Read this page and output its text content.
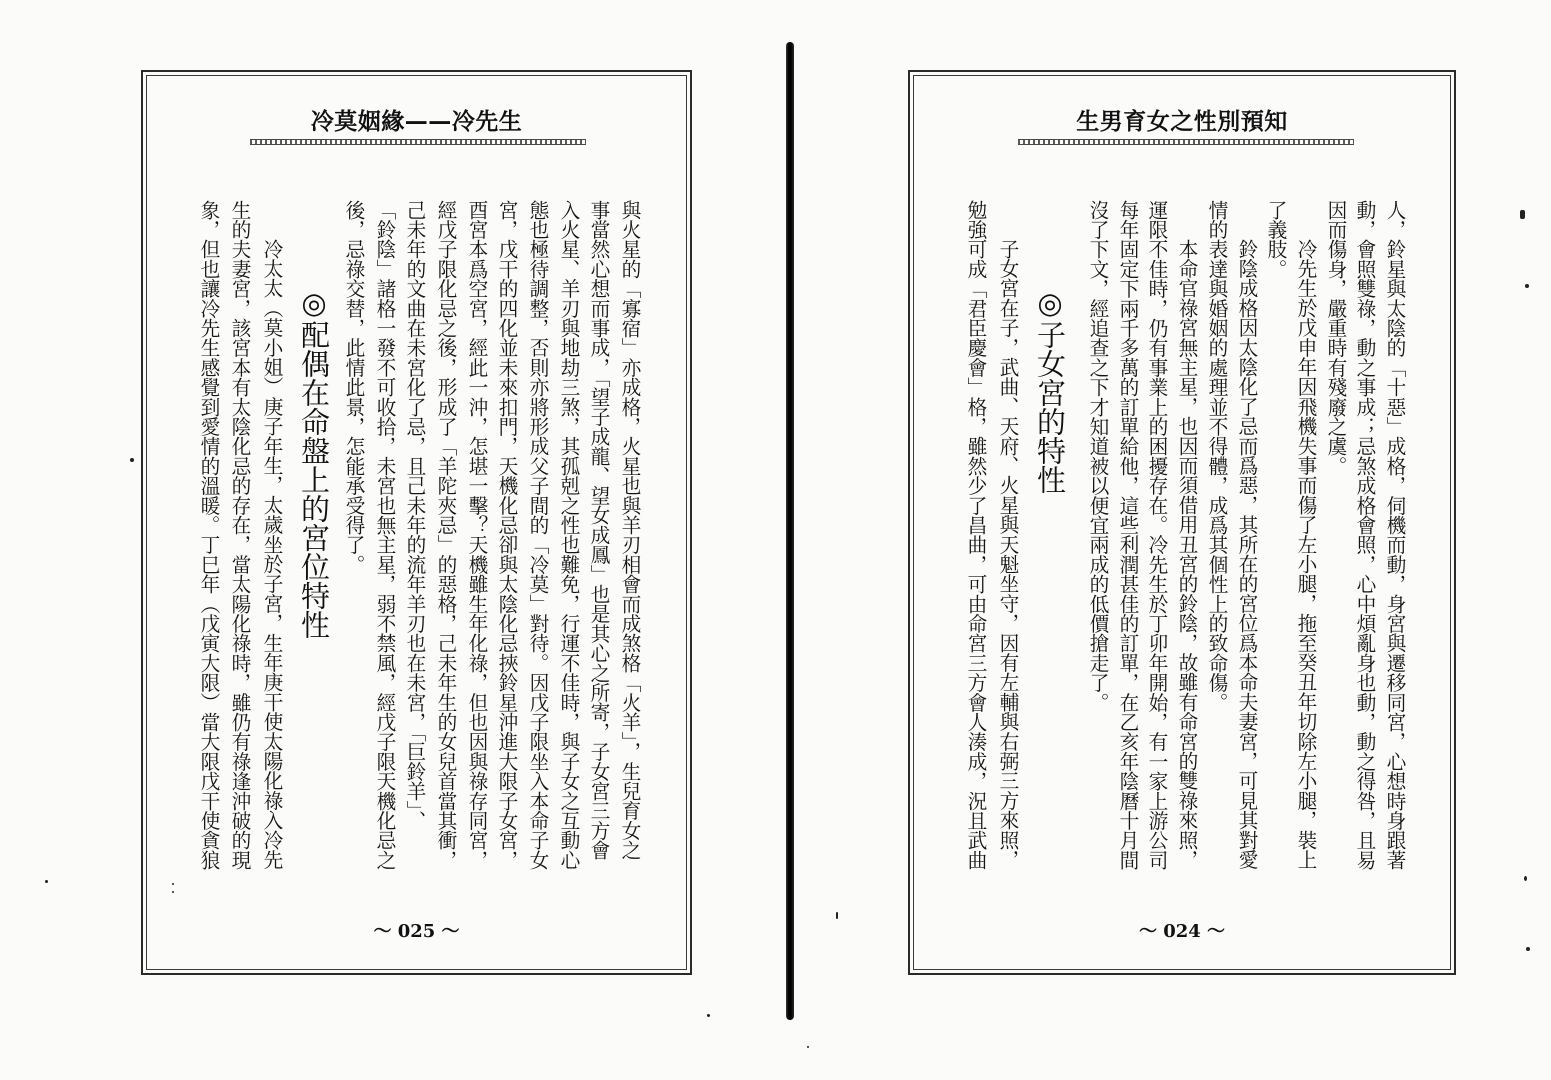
冷莫姻緣——冷先生
與火星的「寡宿」亦成格，火星也與羊刃相會而成煞格「火羊」，生兒育女之
事當然心想而事成，「望子成龍、望女成鳳」也是其心之所寄，子女宮三方會
入火星、羊刃與地劫三煞，其孤剋之性也難免，行運不佳時，與子女之互動心
態也極待調整，否則亦將形成父子間的「冷莫」對待。因戊子限坐入本命子女
宮，戊干的四化並未來扣門，天機化忌卻與太陰化忌挾鈴星沖進大限子女宮，
酉宮本爲空宮，經此一沖，怎堪一擊？天機雖生年化祿，但也因與祿存同宮，
經戊子限化忌之後，形成了「羊陀夾忌」的惡格，己未年生的女兒首當其衝，
己未年的文曲在未宮化了忌，且己未年的流年羊刃也在未宮，「巨鈴羊」、
「鈴陰」諸格一發不可收拾，未宮也無主星，弱不禁風，經戊子限天機化忌之
後，忌祿交替，此情此景，怎能承受得了。
◎配偶在命盤上的宮位特性
冷太太（莫小姐）庚子年生，太歲坐於子宮，生年庚干使太陽化祿入冷先
生的夫妻宮，該宮本有太陰化忌的存在，當太陽化祿時，雖仍有祿逢沖破的現
象，但也讓冷先生感覺到愛情的溫暖。丁巳年（戊寅大限）當大限戊干使貪狼
～ 025 ～
生男育女之性別預知
人，鈴星與太陰的「十惡」成格，伺機而動，身宮與遷移同宮，心想時身跟著
動，會照雙祿，動之事成；忌煞成格會照，心中煩亂身也動，動之得咎，且易
因而傷身，嚴重時有殘廢之虞。
冷先生於戊申年因飛機失事而傷了左小腿，拖至癸丑年切除左小腿，裝上
了義肢。
鈴陰成格因太陰化了忌而爲惡，其所在的宮位爲本命夫妻宮，可見其對愛
情的表達與婚姻的處理並不得體，成爲其個性上的致命傷。
本命官祿宮無主星，也因而須借用丑宮的鈴陰，故雖有命宮的雙祿來照，
運限不佳時，仍有事業上的困擾存在。冷先生於丁卯年開始，有一家上游公司
每年固定下兩千多萬的訂單給他，這些利潤甚佳的訂單，在乙亥年陰曆十月間
沒了下文，經追查之下才知道被以便宜兩成的低價搶走了。
◎子女宮的特性
子女宮在子，武曲、天府、火星與天魁坐守，因有左輔與右弼三方來照，
勉強可成「君臣慶會」格，雖然少了昌曲，可由命宮三方會人湊成，況且武曲
～ 024 ～
